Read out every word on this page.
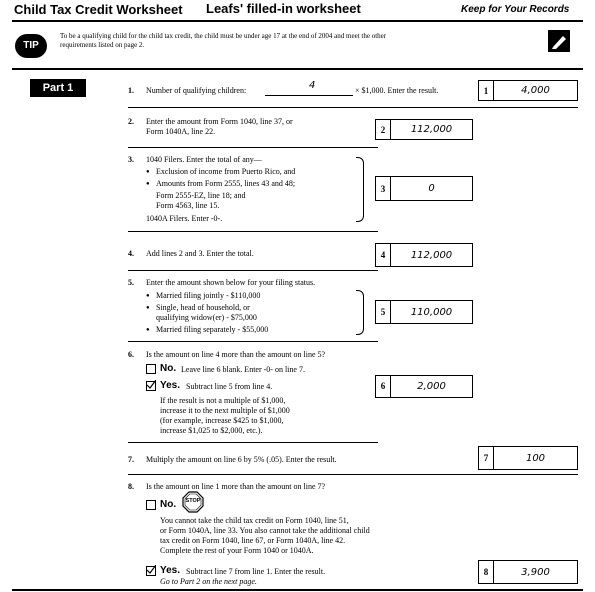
Child Tax Credit Worksheet Leafs' filled-in worksheet	Keep for Your Records
TIP
To be a qualifying child for the child tax credit, the child must be under age 17 at the end of 2004 and meet the other
requirements listed on page 2.
Part 1	1. Number of qualifying children:	4	× $1,000. Enter the result.	1	4,000
2. Enter the amount from Form 1040, line 37, or
Form 1040A, line 22.	2	112,000
3. 1040 Filers. Enter the total of any—
● Exclusion of income from Puerto Rico, and
● Amounts from Form 2555, lines 43 and 48;
Form 2555-EZ, line 18; and
Form 4563, line 15.
1040A Filers. Enter -0-.
3	0
4. Add lines 2 and 3. Enter the total.	4	112,000
5. Enter the amount shown below for your filing status.
● Married filing jointly - $110,000
● Single, head of household, or
qualifying widow(er) - $75,000
● Married filing separately - $55,000
5	110,000
6. Is the amount on line 4 more than the amount on line 5?
No. Leave line 6 blank. Enter -0- on line 7.
Yes. Subtract line 5 from line 4.
If the result is not a multiple of $1,000,
increase it to the next multiple of $1,000
(for example, increase $425 to $1,000,
increase $1,025 to $2,000, etc.).
6	2,000
7. Multiply the amount on line 6 by 5% (.05). Enter the result.	7	100
8. Is the amount on line 1 more than the amount on line 7?
No.	STOP
You cannot take the child tax credit on Form 1040, line 51,
or Form 1040A, line 33. You also cannot take the additional child
tax credit on Form 1040, line 67, or Form 1040A, line 42.
Complete the rest of your Form 1040 or 1040A.
Yes. Subtract line 7 from line 1. Enter the result.
Go to Part 2 on the next page.
8	3,900
